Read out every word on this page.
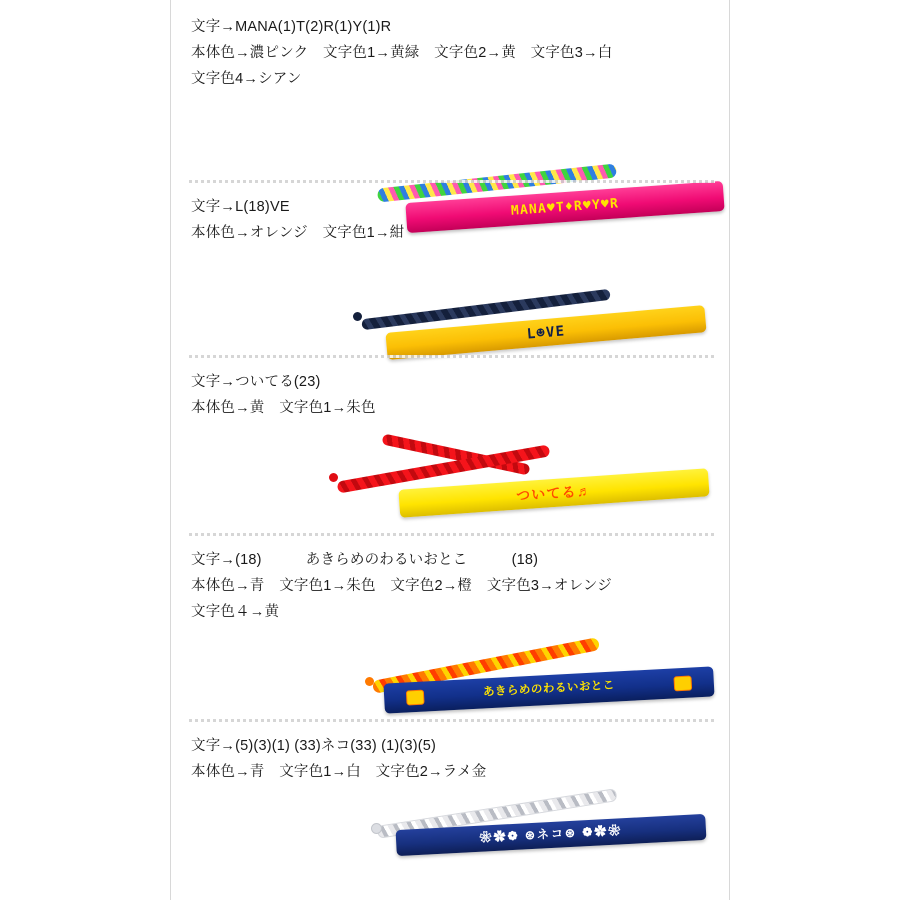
文字→MANA(1)T(2)R(1)Y(1)R
本体色→濃ピンク　文字色1→黄緑　文字色2→黄　文字色3→白
文字色4→シアン
MANA♥T♦R♥Y♥R
文字→L(18)VE
本体色→オレンジ　文字色1→紺
L☻VE
文字→ついてる(23)
本体色→黄　文字色1→朱色
ついてる♬
文字→(18)　　　あきらめのわるいおとこ　　　(18)
本体色→青　文字色1→朱色　文字色2→橙　文字色3→オレンジ
文字色４→黄
あきらめのわるいおとこ
文字→(5)(3)(1) (33)ネコ(33) (1)(3)(5)
本体色→青　文字色1→白　文字色2→ラメ金
❀✿❁ ⊛ネコ⊛ ❁✿❀
